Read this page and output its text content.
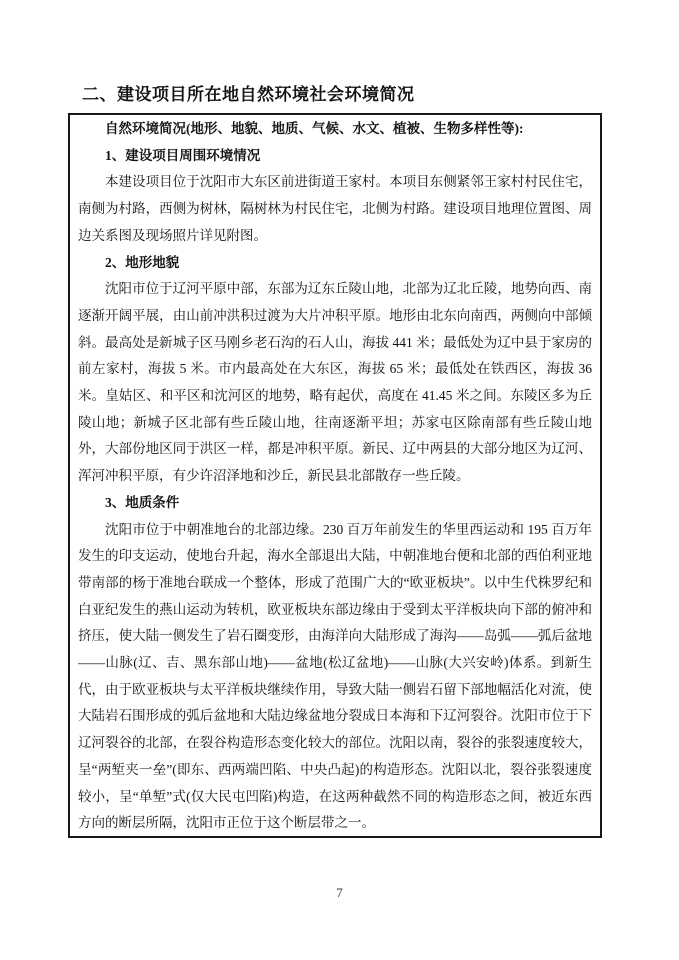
二、建设项目所在地自然环境社会环境简况

自然环境简况(地形、地貌、地质、气候、水文、植被、生物多样性等):

1、建设项目周围环境情况

本建设项目位于沈阳市大东区前进街道王家村。本项目东侧紧邻王家村村民住宅，南侧为村路，西侧为树林，隔树林为村民住宅，北侧为村路。建设项目地理位置图、周边关系图及现场照片详见附图。

2、地形地貌

沈阳市位于辽河平原中部，东部为辽东丘陵山地，北部为辽北丘陵，地势向西、南逐渐开阔平展，由山前冲洪积过渡为大片冲积平原。地形由北东向南西，两侧向中部倾斜。最高处是新城子区马刚乡老石沟的石人山，海拔 441 米；最低处为辽中县于家房的前左家村，海拔 5 米。市内最高处在大东区，海拔 65 米；最低处在铁西区，海拔 36 米。皇姑区、和平区和沈河区的地势，略有起伏，高度在 41.45 米之间。东陵区多为丘陵山地；新城子区北部有些丘陵山地，往南逐渐平坦；苏家屯区除南部有些丘陵山地外，大部份地区同于洪区一样，都是冲积平原。新民、辽中两县的大部分地区为辽河、浑河冲积平原，有少许沼泽地和沙丘，新民县北部散存一些丘陵。

3、地质条件

沈阳市位于中朝准地台的北部边缘。230 百万年前发生的华里西运动和 195 百万年发生的印支运动，使地台升起，海水全部退出大陆，中朝准地台便和北部的西伯利亚地带南部的杨于准地台联成一个整体，形成了范围广大的“欧亚板块”。以中生代株罗纪和白亚纪发生的燕山运动为转机，欧亚板块东部边缘由于受到太平洋板块向下部的俯冲和挤压，使大陆一侧发生了岩石圈变形，由海洋向大陆形成了海沟——岛弧——弧后盆地——山脉(辽、吉、黑东部山地)——盆地(松辽盆地)——山脉(大兴安岭)体系。到新生代，由于欧亚板块与太平洋板块继续作用，导致大陆一侧岩石留下部地幅活化对流，使大陆岩石围形成的弧后盆地和大陆边缘盆地分裂成日本海和下辽河裂谷。沈阳市位于下辽河裂谷的北部，在裂谷构造形态变化较大的部位。沈阳以南，裂谷的张裂速度较大，呈“两堑夹一垒”(即东、西两端凹陷、中央凸起)的构造形态。沈阳以北，裂谷张裂速度较小，呈“单堑”式(仅大民屯凹陷)构造，在这两种截然不同的构造形态之间，被近东西方向的断层所隔，沈阳市正位于这个断层带之一。

7
